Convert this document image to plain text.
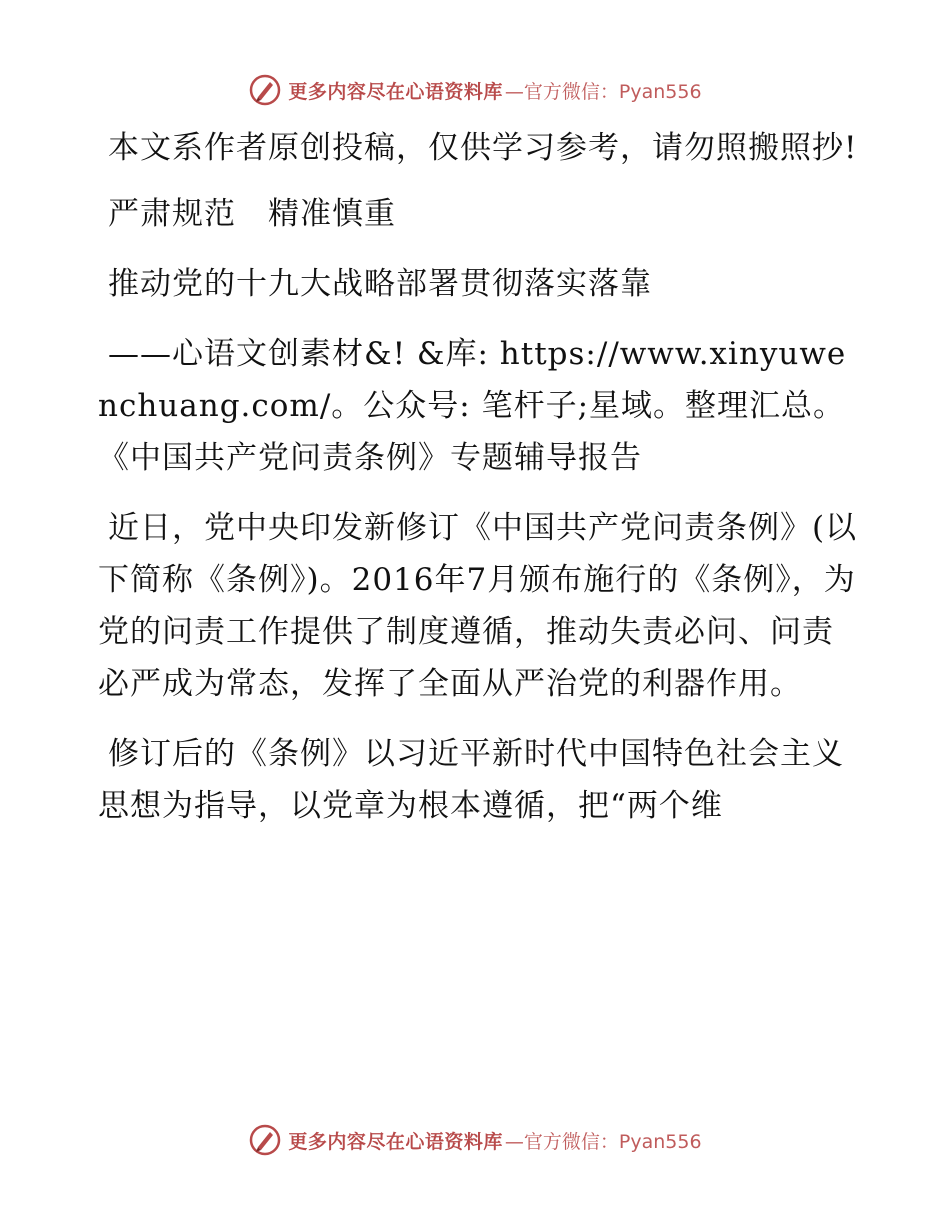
更多内容尽在心语资料库 —官方微信：Pyan556

本文系作者原创投稿，仅供学习参考，请勿照搬照抄!

严肃规范　精准慎重

推动党的十九大战略部署贯彻落实落靠

——心语文创素材&! &库: https://www.xinyuwenchuang.com/。公众号: 笔杆子;星域。整理汇总。《中国共产党问责条例》专题辅导报告

近日，党中央印发新修订《中国共产党问责条例》(以下简称《条例》)。2016年7月颁布施行的《条例》，为党的问责工作提供了制度遵循，推动失责必问、问责必严成为常态，发挥了全面从严治党的利器作用。

修订后的《条例》以习近平新时代中国特色社会主义思想为指导，以党章为根本遵循，把“两个维

更多内容尽在心语资料库 —官方微信：Pyan556
